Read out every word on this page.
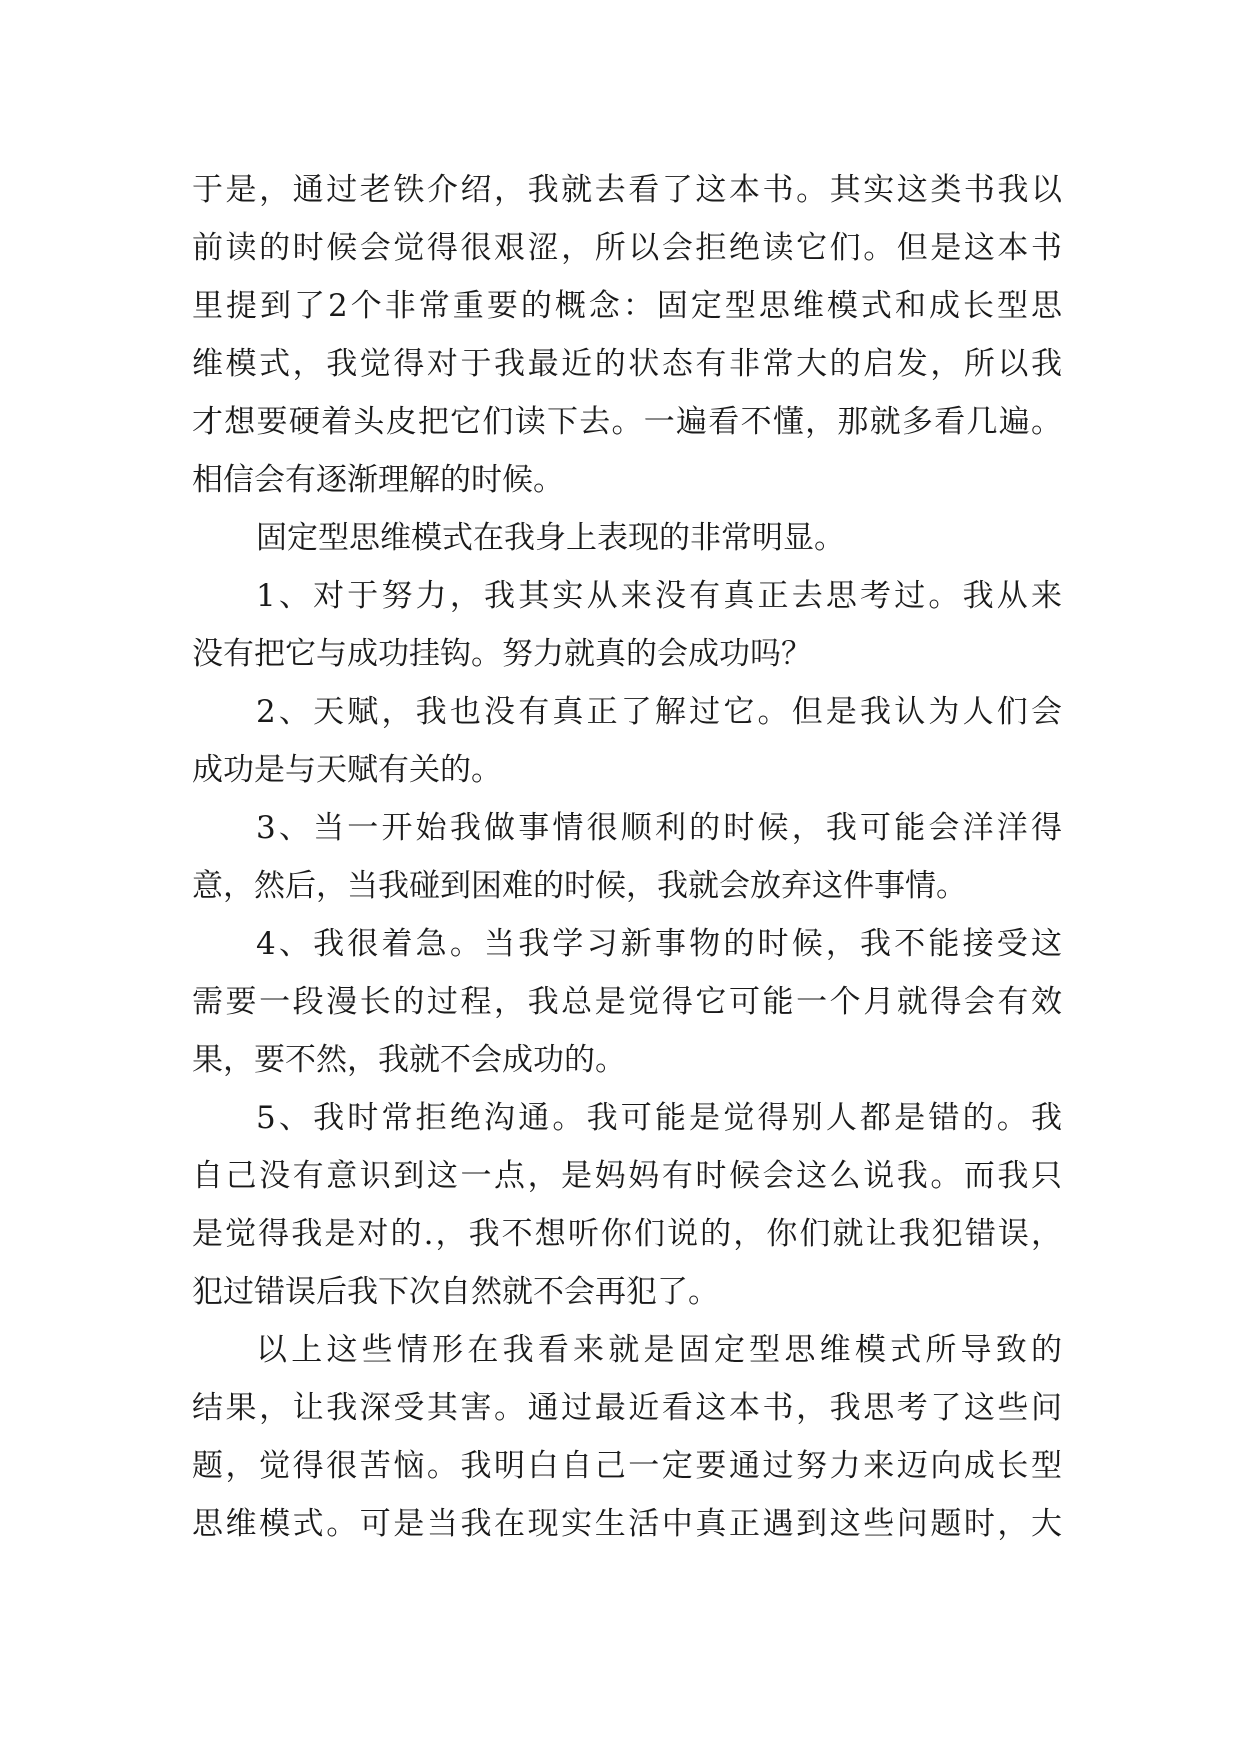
于是，通过老铁介绍，我就去看了这本书。其实这类书我以
前读的时候会觉得很艰涩，所以会拒绝读它们。但是这本书
里提到了2个非常重要的概念：固定型思维模式和成长型思
维模式，我觉得对于我最近的状态有非常大的启发，所以我
才想要硬着头皮把它们读下去。一遍看不懂，那就多看几遍。
相信会有逐渐理解的时候。
固定型思维模式在我身上表现的非常明显。
1、对于努力，我其实从来没有真正去思考过。我从来
没有把它与成功挂钩。努力就真的会成功吗？
2、天赋，我也没有真正了解过它。但是我认为人们会
成功是与天赋有关的。
3、当一开始我做事情很顺利的时候，我可能会洋洋得
意，然后，当我碰到困难的时候，我就会放弃这件事情。
4、我很着急。当我学习新事物的时候，我不能接受这
需要一段漫长的过程，我总是觉得它可能一个月就得会有效
果，要不然，我就不会成功的。
5、我时常拒绝沟通。我可能是觉得别人都是错的。我
自己没有意识到这一点，是妈妈有时候会这么说我。而我只
是觉得我是对的.，我不想听你们说的，你们就让我犯错误，
犯过错误后我下次自然就不会再犯了。
以上这些情形在我看来就是固定型思维模式所导致的
结果，让我深受其害。通过最近看这本书，我思考了这些问
题，觉得很苦恼。我明白自己一定要通过努力来迈向成长型
思维模式。可是当我在现实生活中真正遇到这些问题时，大
